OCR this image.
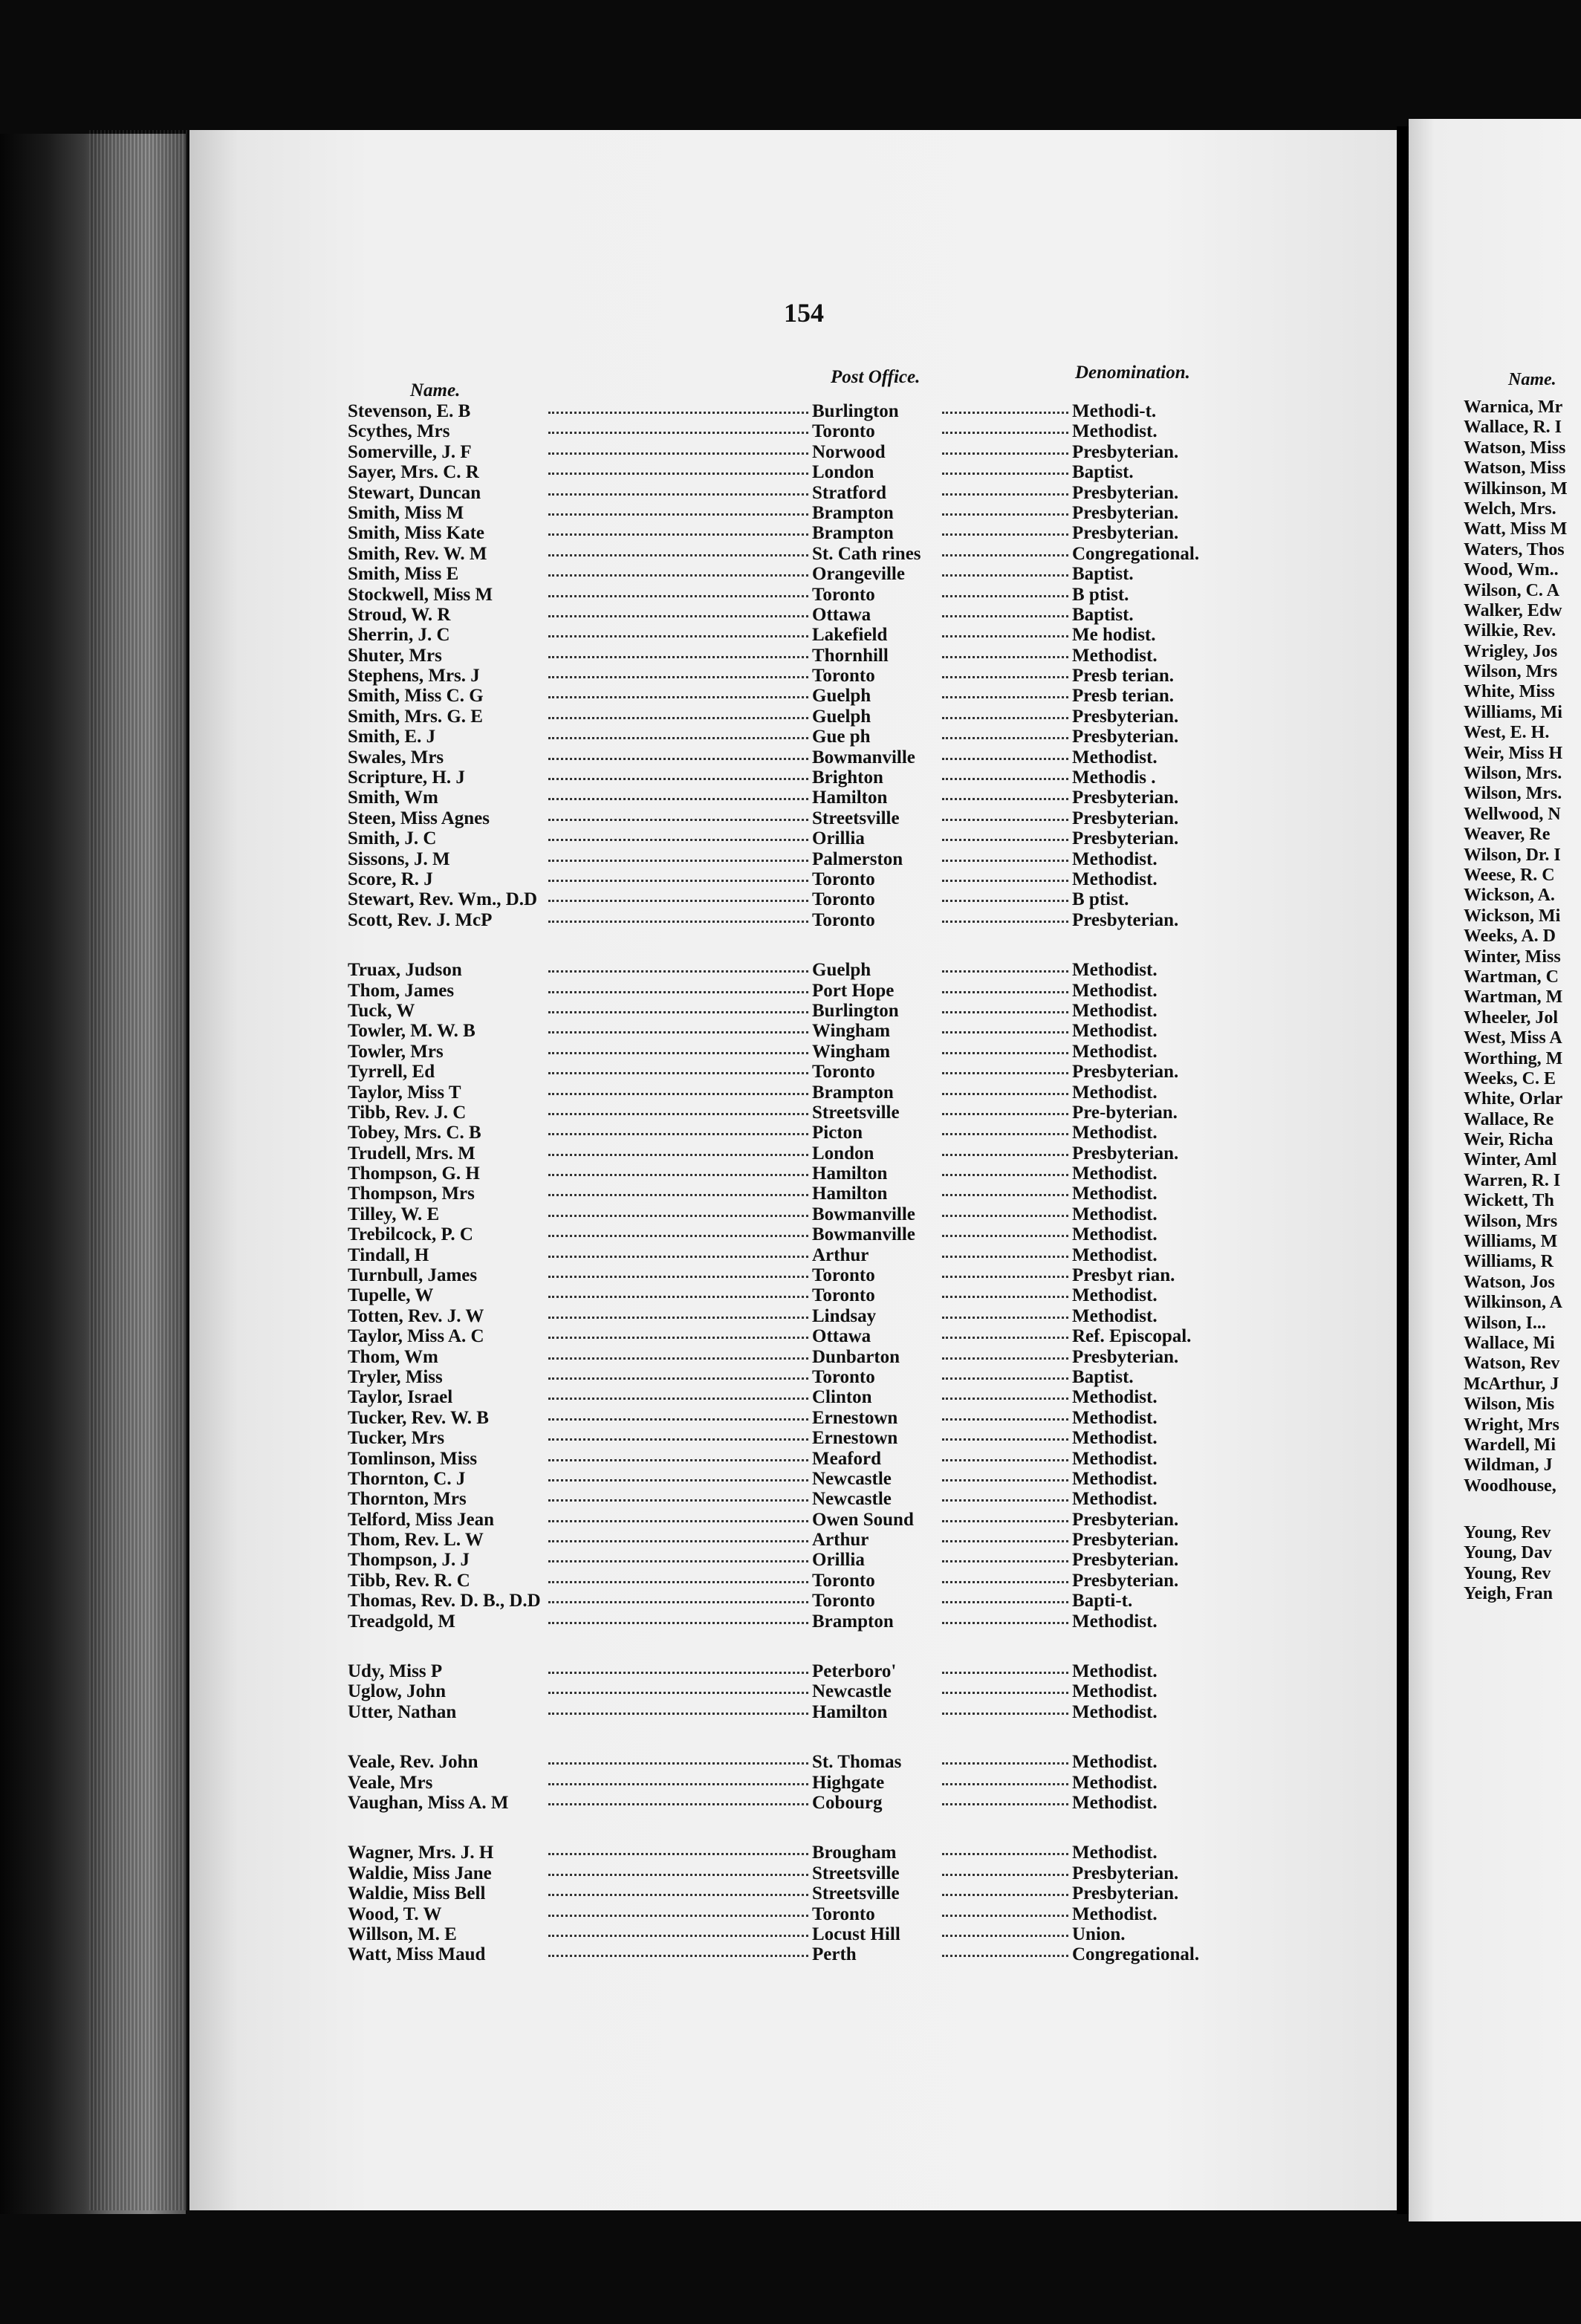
154
Name.
Post Office.	Denomination.
Stevenson, E. B	Burlington	Methodi-t.
Scythes, Mrs	Toronto	Methodist.
Somerville, J. F	Norwood	Presbyterian.
Sayer, Mrs. C. R	London	Baptist.
Stewart, Duncan	Stratford	Presbyterian.
Smith, Miss M	Brampton	Presbyterian.
Smith, Miss Kate	Brampton	Presbyterian.
Smith, Rev. W. M	St. Cath rines	Congregational.
Smith, Miss E	Orangeville	Baptist.
Stockwell, Miss M	Toronto	B ptist.
Stroud, W. R	Ottawa	Baptist.
Sherrin, J. C	Lakefield	Me hodist.
Shuter, Mrs	Thornhill	Methodist.
Stephens, Mrs. J	Toronto	Presb terian.
Smith, Miss C. G	Guelph	Presb terian.
Smith, Mrs. G. E	Guelph	Presbyterian.
Smith, E. J	Gue ph	Presbyterian.
Swales, Mrs	Bowmanville	Methodist.
Scripture, H. J	Brighton	Methodis .
Smith, Wm	Hamilton	Presbyterian.
Steen, Miss Agnes	Streetsville	Presbyterian.
Smith, J. C	Orillia	Presbyterian.
Sissons, J. M	Palmerston	Methodist.
Score, R. J	Toronto	Methodist.
Stewart, Rev. Wm., D.D	Toronto	B ptist.
Scott, Rev. J. McP	Toronto	Presbyterian.
Truax, Judson	Guelph	Methodist.
Thom, James	Port Hope	Methodist.
Tuck, W	Burlington	Methodist.
Towler, M. W. B	Wingham	Methodist.
Towler, Mrs	Wingham	Methodist.
Tyrrell, Ed	Toronto	Presbyterian.
Taylor, Miss T	Brampton	Methodist.
Tibb, Rev. J. C	Streetsville	Pre-byterian.
Tobey, Mrs. C. B	Picton	Methodist.
Trudell, Mrs. M	London	Presbyterian.
Thompson, G. H	Hamilton	Methodist.
Thompson, Mrs	Hamilton	Methodist.
Tilley, W. E	Bowmanville	Methodist.
Trebilcock, P. C	Bowmanville	Methodist.
Tindall, H	Arthur	Methodist.
Turnbull, James	Toronto	Presbyt rian.
Tupelle, W	Toronto	Methodist.
Totten, Rev. J. W	Lindsay	Methodist.
Taylor, Miss A. C	Ottawa	Ref. Episcopal.
Thom, Wm	Dunbarton	Presbyterian.
Tryler, Miss	Toronto	Baptist.
Taylor, Israel	Clinton	Methodist.
Tucker, Rev. W. B	Ernestown	Methodist.
Tucker, Mrs	Ernestown	Methodist.
Tomlinson, Miss	Meaford	Methodist.
Thornton, C. J	Newcastle	Methodist.
Thornton, Mrs	Newcastle	Methodist.
Telford, Miss Jean	Owen Sound	Presbyterian.
Thom, Rev. L. W	Arthur	Presbyterian.
Thompson, J. J	Orillia	Presbyterian.
Tibb, Rev. R. C	Toronto	Presbyterian.
Thomas, Rev. D. B., D.D	Toronto	Bapti-t.
Treadgold, M	Brampton	Methodist.
Udy, Miss P	Peterboro'	Methodist.
Uglow, John	Newcastle	Methodist.
Utter, Nathan	Hamilton	Methodist.
Veale, Rev. John	St. Thomas	Methodist.
Veale, Mrs	Highgate	Methodist.
Vaughan, Miss A. M	Cobourg	Methodist.
Wagner, Mrs. J. H	Brougham	Methodist.
Waldie, Miss Jane	Streetsville	Presbyterian.
Waldie, Miss Bell	Streetsville	Presbyterian.
Wood, T. W	Toronto	Methodist.
Willson, M. E	Locust Hill	Union.
Watt, Miss Maud	Perth	Congregational.
Name.
Warnica, Mr
Wallace, R. I
Watson, Miss
Watson, Miss
Wilkinson, M
Welch, Mrs.
Watt, Miss M
Waters, Thos
Wood, Wm..
Wilson, C. A
Walker, Edw
Wilkie, Rev.
Wrigley, Jos
Wilson, Mrs
White, Miss
Williams, Mi
West, E. H.
Weir, Miss H
Wilson, Mrs.
Wilson, Mrs.
Wellwood, N
Weaver, Re
Wilson, Dr. I
Weese, R. C
Wickson, A.
Wickson, Mi
Weeks, A. D
Winter, Miss
Wartman, C
Wartman, M
Wheeler, Jol
West, Miss A
Worthing, M
Weeks, C. E
White, Orlar
Wallace, Re
Weir, Richa
Winter, Aml
Warren, R. I
Wickett, Th
Wilson, Mrs
Williams, M
Williams, R
Watson, Jos
Wilkinson, A
Wilson, I...
Wallace, Mi
Watson, Rev
McArthur, J
Wilson, Mis
Wright, Mrs
Wardell, Mi
Wildman, J
Woodhouse,
Young, Rev
Young, Dav
Young, Rev
Yeigh, Fran
